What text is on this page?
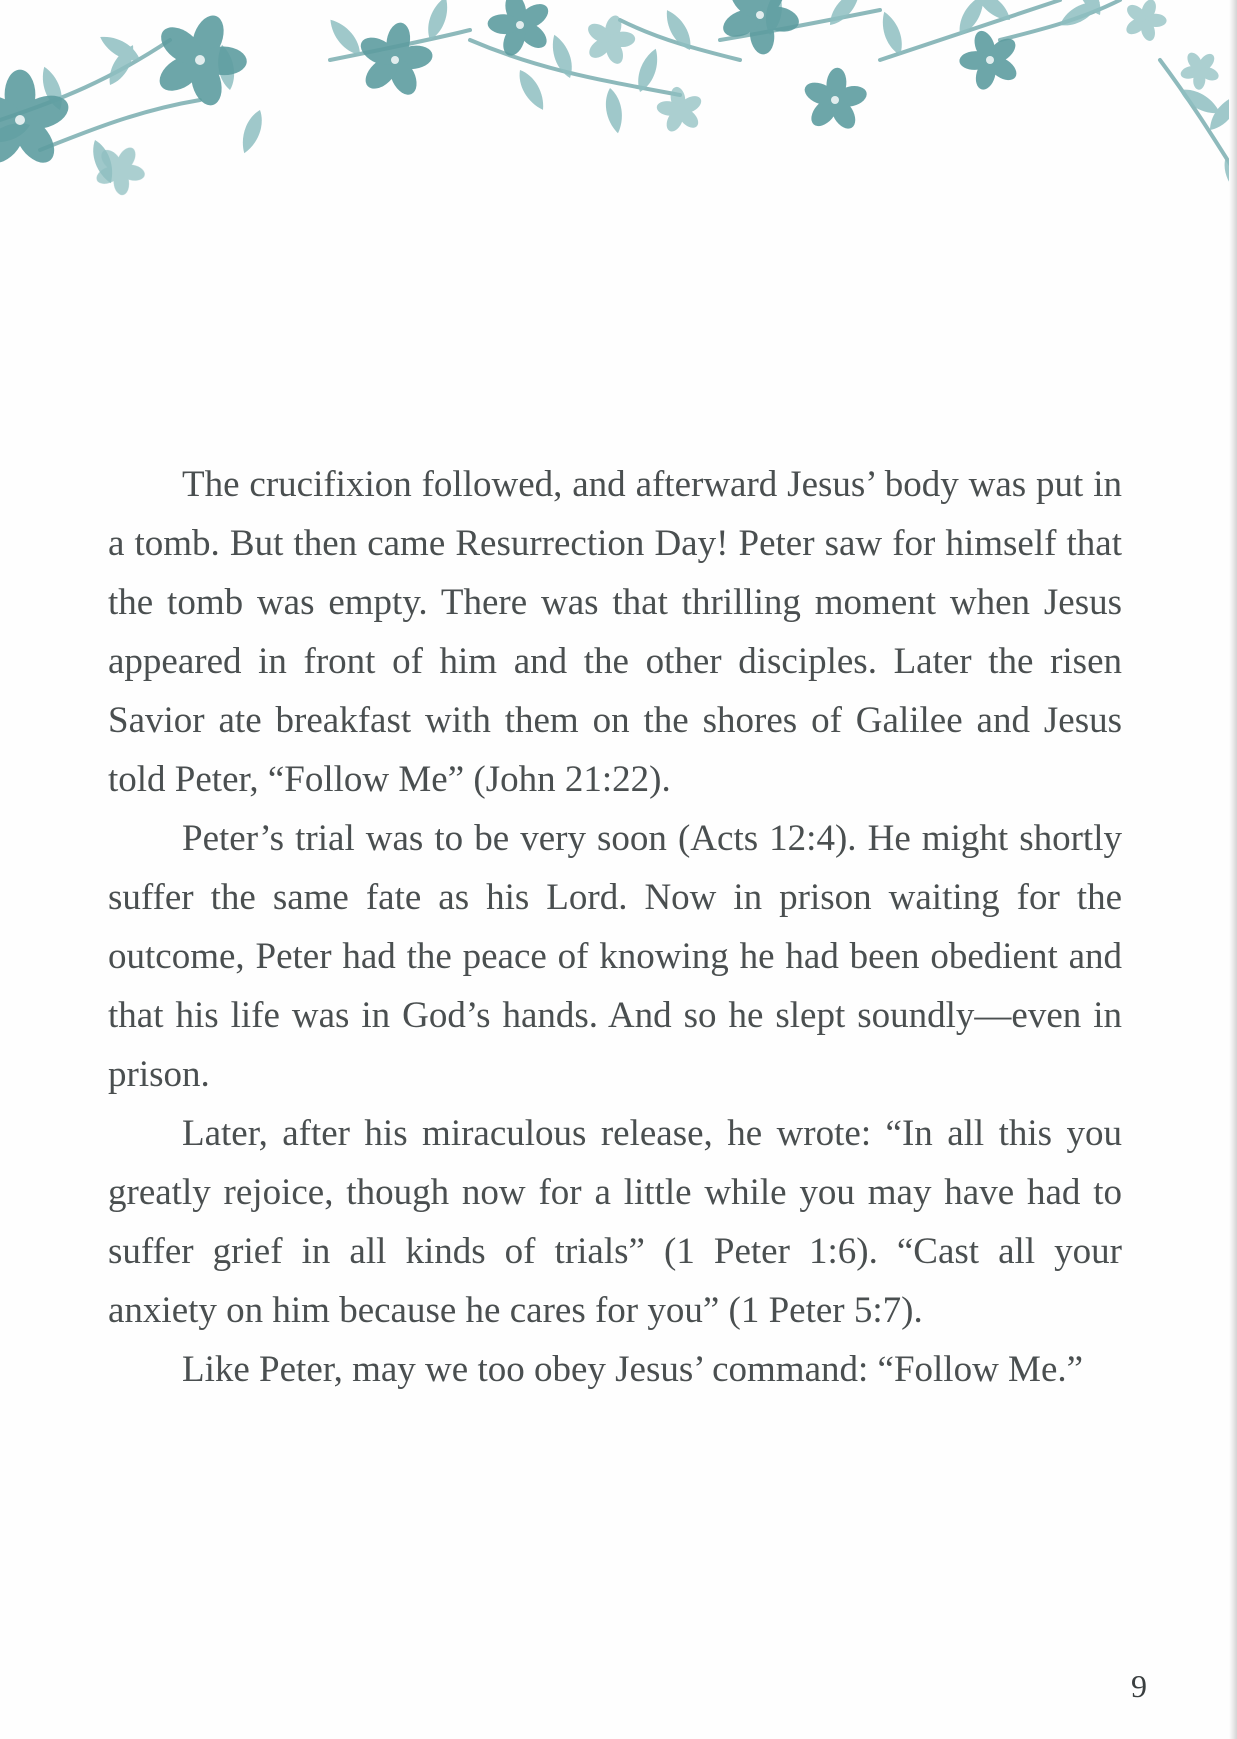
The crucifixion followed, and afterward Jesus’ body was put in a tomb. But then came Resurrection Day! Peter saw for himself that the tomb was empty. There was that thrilling moment when Jesus appeared in front of him and the other disciples. Later the risen Savior ate breakfast with them on the shores of Galilee and Jesus told Peter, “Follow Me” (John 21:22).

Peter’s trial was to be very soon (Acts 12:4). He might shortly suffer the same fate as his Lord. Now in prison waiting for the outcome, Peter had the peace of knowing he had been obedient and that his life was in God’s hands. And so he slept soundly—even in prison.

Later, after his miraculous release, he wrote: “In all this you greatly rejoice, though now for a little while you may have had to suffer grief in all kinds of trials” (1 Peter 1:6). “Cast all your anxiety on him because he cares for you” (1 Peter 5:7).

Like Peter, may we too obey Jesus’ command: “Follow Me.”

9
